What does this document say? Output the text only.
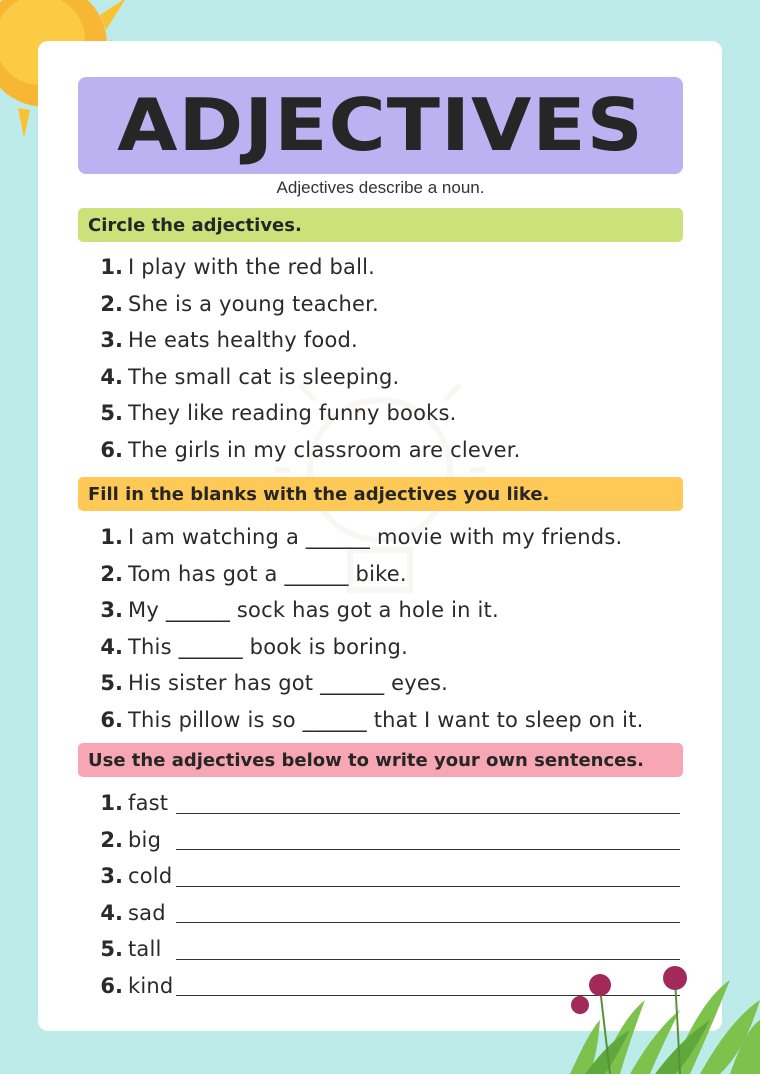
ADJECTIVES
Adjectives describe a noun.
Circle the adjectives.
1. I play with the red ball.
2. She is a young teacher.
3. He eats healthy food.
4. The small cat is sleeping.
5. They like reading funny books.
6. The girls in my classroom are clever.
Fill in the blanks with the adjectives you like.
1. I am watching a ______ movie with my friends.
2. Tom has got a ______ bike.
3. My ______ sock has got a hole in it.
4. This ______ book is boring.
5. His sister has got ______ eyes.
6. This pillow is so ______ that I want to sleep on it.
Use the adjectives below to write your own sentences.
1. fast
2. big
3. cold
4. sad
5. tall
6. kind
